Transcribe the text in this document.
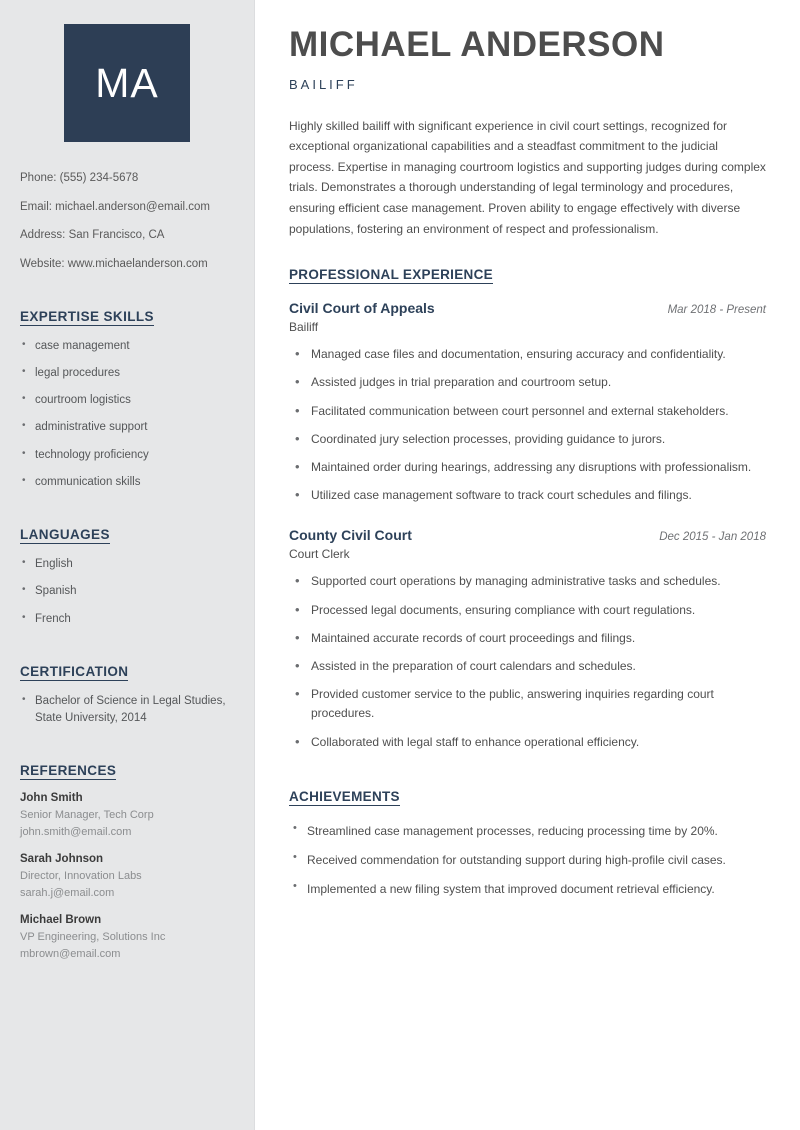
MA
Phone: (555) 234-5678
Email: michael.anderson@email.com
Address: San Francisco, CA
Website: www.michaelanderson.com
EXPERTISE SKILLS
• case management
• legal procedures
• courtroom logistics
• administrative support
• technology proficiency
• communication skills
LANGUAGES
• English
• Spanish
• French
CERTIFICATION
• Bachelor of Science in Legal Studies, State University, 2014
REFERENCES
John Smith
Senior Manager, Tech Corp
john.smith@email.com
Sarah Johnson
Director, Innovation Labs
sarah.j@email.com
Michael Brown
VP Engineering, Solutions Inc
mbrown@email.com
MICHAEL ANDERSON
BAILIFF

Highly skilled bailiff with significant experience in civil court settings, recognized for exceptional organizational capabilities and a steadfast commitment to the judicial process. Expertise in managing courtroom logistics and supporting judges during complex trials. Demonstrates a thorough understanding of legal terminology and procedures, ensuring efficient case management. Proven ability to engage effectively with diverse populations, fostering an environment of respect and professionalism.

PROFESSIONAL EXPERIENCE
Civil Court of Appeals	Mar 2018 - Present
Bailiff
• Managed case files and documentation, ensuring accuracy and confidentiality.
• Assisted judges in trial preparation and courtroom setup.
• Facilitated communication between court personnel and external stakeholders.
• Coordinated jury selection processes, providing guidance to jurors.
• Maintained order during hearings, addressing any disruptions with professionalism.
• Utilized case management software to track court schedules and filings.
County Civil Court	Dec 2015 - Jan 2018
Court Clerk
• Supported court operations by managing administrative tasks and schedules.
• Processed legal documents, ensuring compliance with court regulations.
• Maintained accurate records of court proceedings and filings.
• Assisted in the preparation of court calendars and schedules.
• Provided customer service to the public, answering inquiries regarding court procedures.
• Collaborated with legal staff to enhance operational efficiency.
ACHIEVEMENTS
• Streamlined case management processes, reducing processing time by 20%.
• Received commendation for outstanding support during high-profile civil cases.
• Implemented a new filing system that improved document retrieval efficiency.
